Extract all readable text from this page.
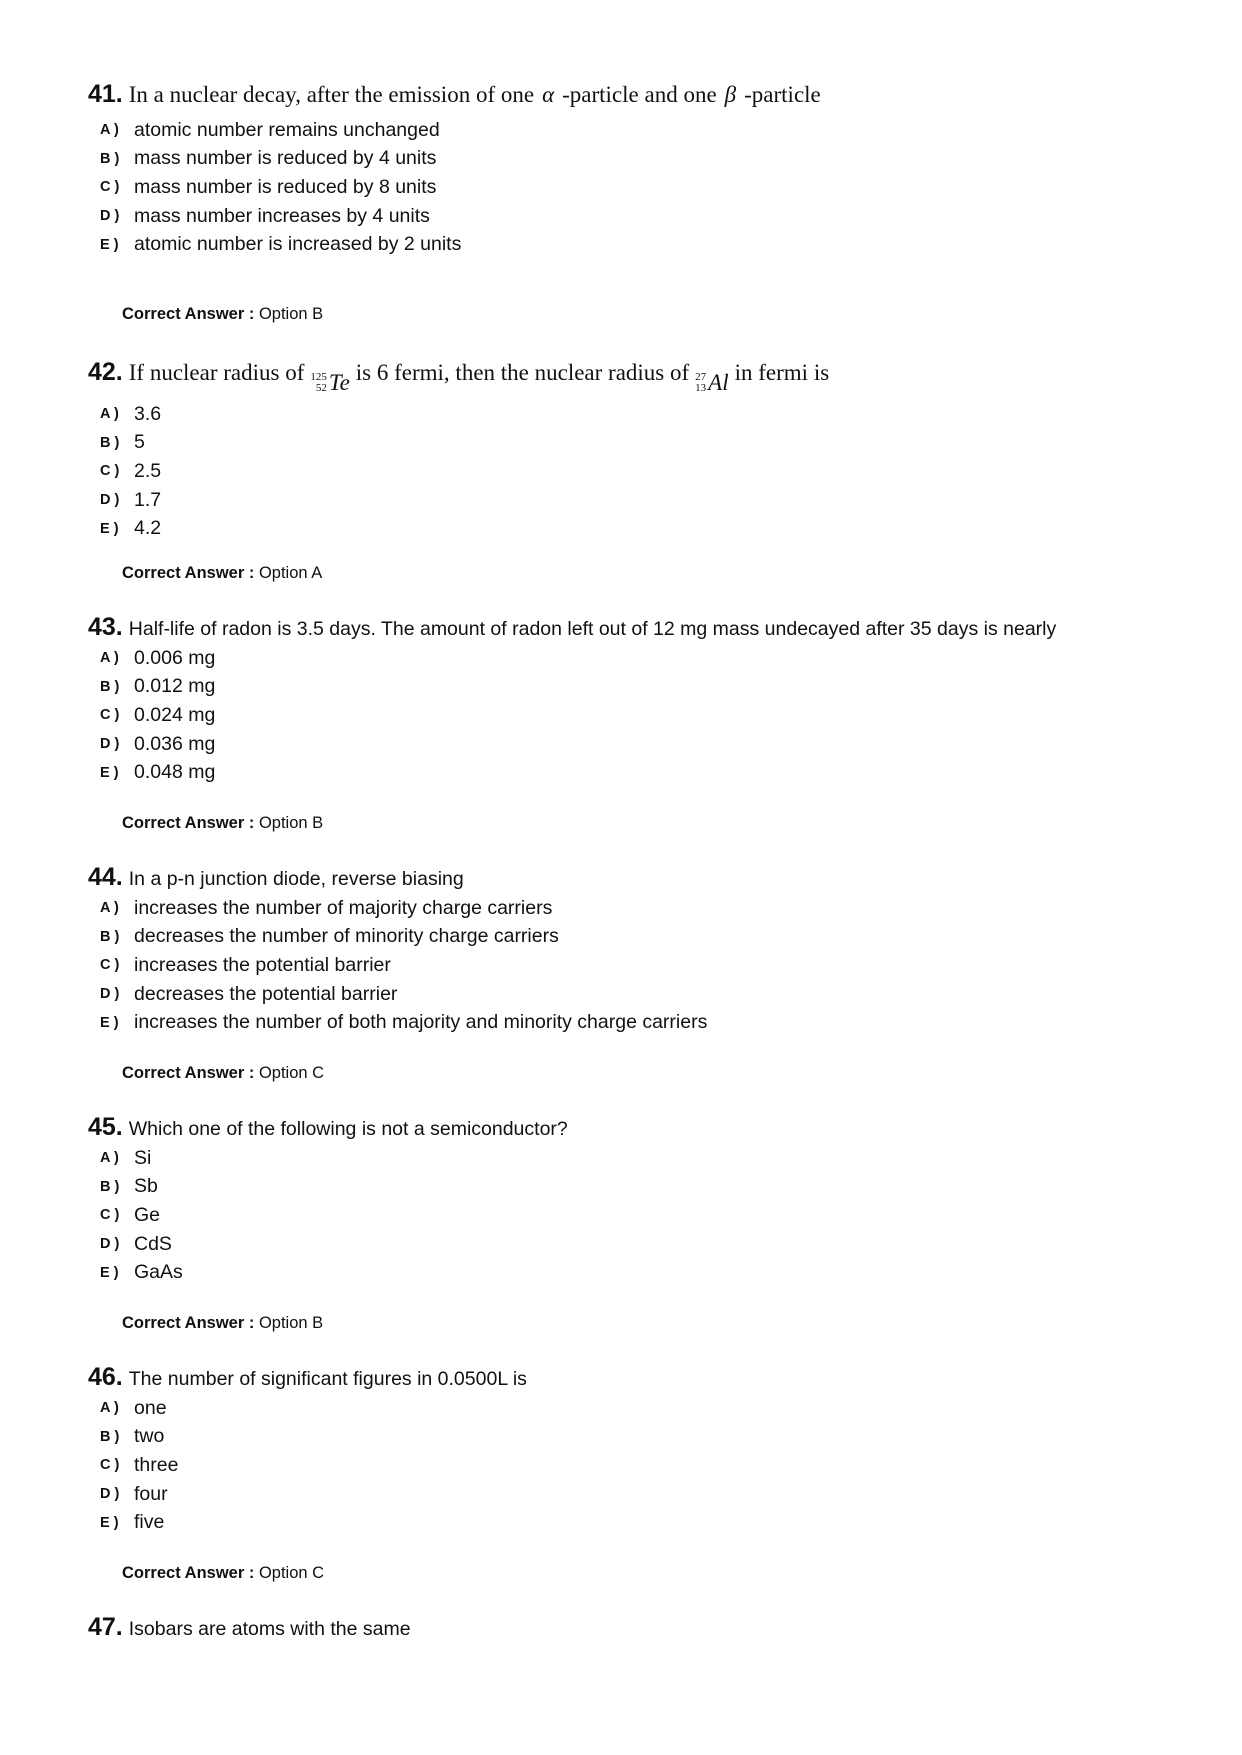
41. In a nuclear decay, after the emission of one α -particle and one β -particle
A ) atomic number remains unchanged
B ) mass number is reduced by 4 units
C ) mass number is reduced by 8 units
D ) mass number increases by 4 units
E ) atomic number is increased by 2 units
Correct Answer : Option B
42. If nuclear radius of 125
52 Te is 6 fermi, then the nuclear radius of 27
13 Al in fermi is
A ) 3.6
B ) 5
C ) 2.5
D ) 1.7
E ) 4.2
Correct Answer : Option A
43. Half-life of radon is 3.5 days. The amount of radon left out of 12 mg mass undecayed after 35 days is nearly
A ) 0.006 mg
B ) 0.012 mg
C ) 0.024 mg
D ) 0.036 mg
E ) 0.048 mg
Correct Answer : Option B
44. In a p-n junction diode, reverse biasing
A ) increases the number of majority charge carriers
B ) decreases the number of minority charge carriers
C ) increases the potential barrier
D ) decreases the potential barrier
E ) increases the number of both majority and minority charge carriers
Correct Answer : Option C
45. Which one of the following is not a semiconductor?
A ) Si
B ) Sb
C ) Ge
D ) CdS
E ) GaAs
Correct Answer : Option B
46. The number of significant figures in 0.0500L is
A ) one
B ) two
C ) three
D ) four
E ) five
Correct Answer : Option C
47. Isobars are atoms with the same
